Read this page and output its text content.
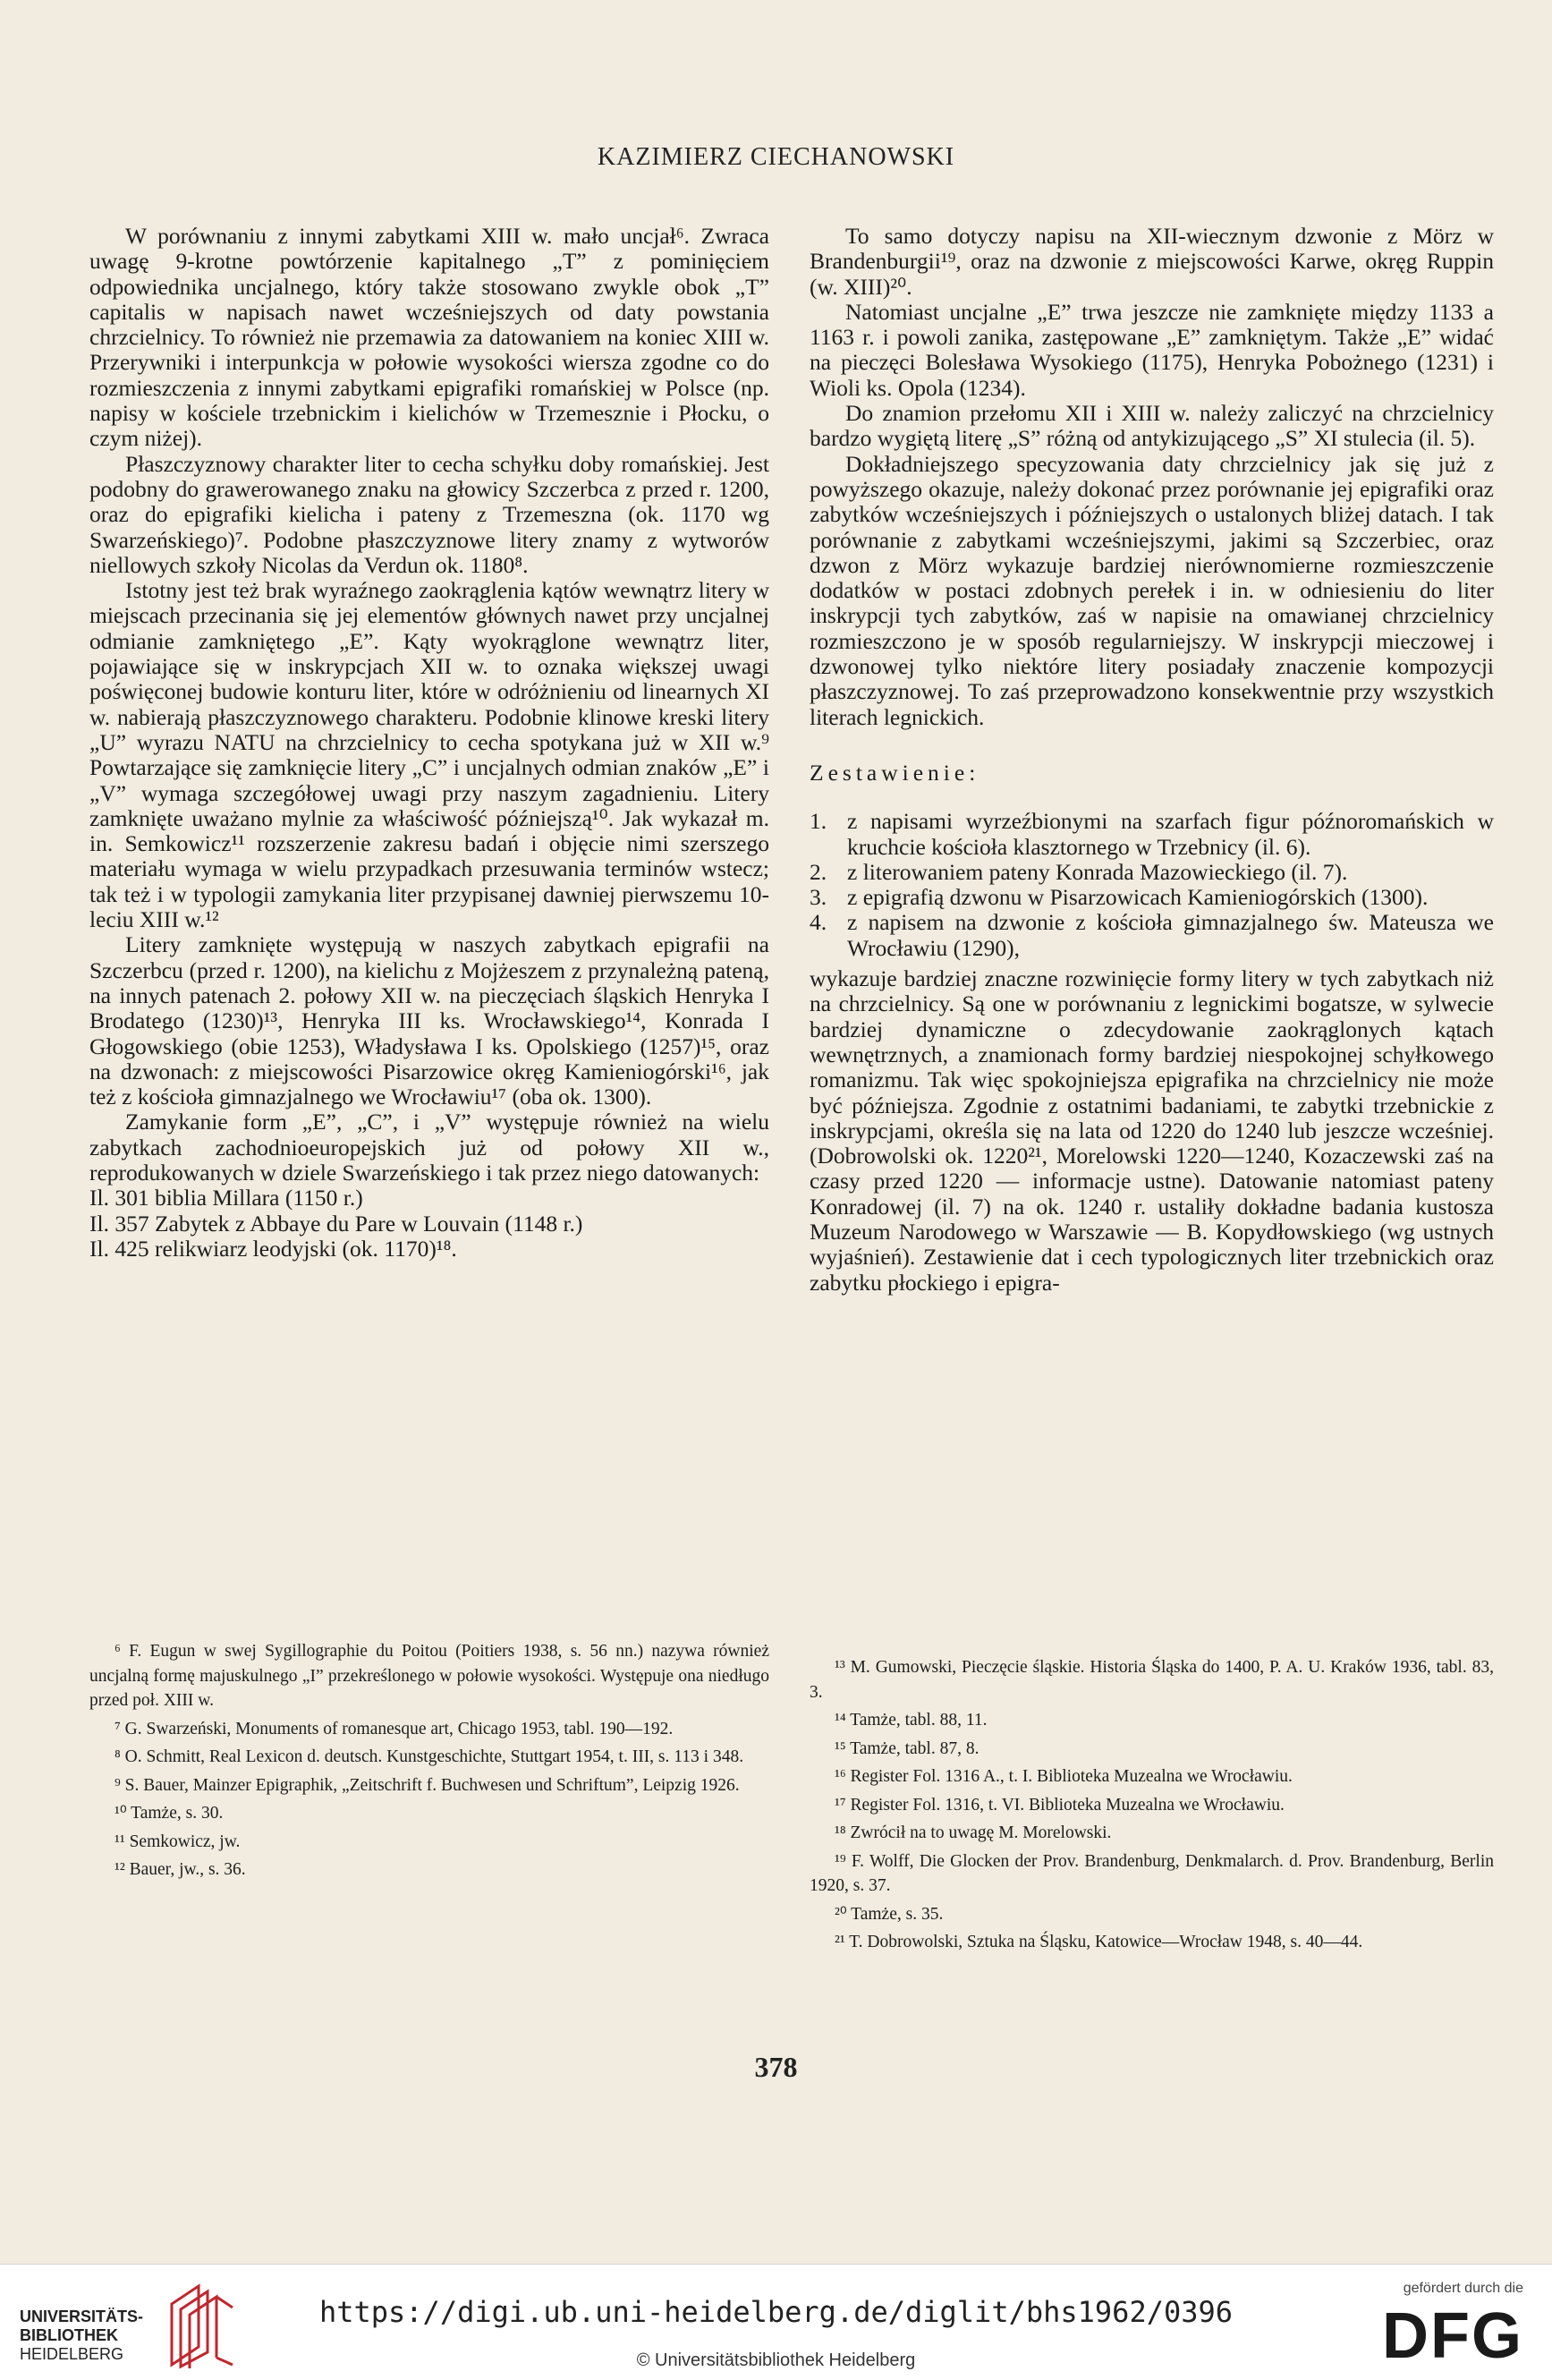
KAZIMIERZ CIECHANOWSKI

W porównaniu z innymi zabytkami XIII w. mało uncjał⁶. Zwraca uwagę 9-krotne powtórzenie kapitalnego „T” z pominięciem odpowiednika uncjalnego, który także stosowano zwykle obok „T” capitalis w napisach nawet wcześniejszych od daty powstania chrzcielnicy. To również nie przemawia za datowaniem na koniec XIII w. Przerywniki i interpunkcja w połowie wysokości wiersza zgodne co do rozmieszczenia z innymi zabytkami epigrafiki romańskiej w Polsce (np. napisy w kościele trzebnickim i kielichów w Trzemesznie i Płocku, o czym niżej).

Płaszczyznowy charakter liter to cecha schyłku doby romańskiej. Jest podobny do grawerowanego znaku na głowicy Szczerbca z przed r. 1200, oraz do epigrafiki kielicha i pateny z Trzemeszna (ok. 1170 wg Swarzeńskiego)⁷. Podobne płaszczyznowe litery znamy z wytworów niellowych szkoły Nicolas da Verdun ok. 1180⁸.

Istotny jest też brak wyraźnego zaokrąglenia kątów wewnątrz litery w miejscach przecinania się jej elementów głównych nawet przy uncjalnej odmianie zamkniętego „E”. Kąty wyokrąglone wewnątrz liter, pojawiające się w inskrypcjach XII w. to oznaka większej uwagi poświęconej budowie konturu liter, które w odróżnieniu od linearnych XI w. nabierają płaszczyznowego charakteru. Podobnie klinowe kreski litery „U” wyrazu NATU na chrzcielnicy to cecha spotykana już w XII w.⁹ Powtarzające się zamknięcie litery „C” i uncjalnych odmian znaków „E” i „V” wymaga szczegółowej uwagi przy naszym zagadnieniu. Litery zamknięte uważano mylnie za właściwość późniejszą¹⁰. Jak wykazał m. in. Semkowicz¹¹ rozszerzenie zakresu badań i objęcie nimi szerszego materiału wymaga w wielu przypadkach przesuwania terminów wstecz; tak też i w typologii zamykania liter przypisanej dawniej pierwszemu 10-leciu XIII w.¹²

Litery zamknięte występują w naszych zabytkach epigrafii na Szczerbcu (przed r. 1200), na kielichu z Mojżeszem z przynależną pateną, na innych patenach 2. połowy XII w. na pieczęciach śląskich Henryka I Brodatego (1230)¹³, Henryka III ks. Wrocławskiego¹⁴, Konrada I Głogowskiego (obie 1253), Władysława I ks. Opolskiego (1257)¹⁵, oraz na dzwonach: z miejscowości Pisarzowice okręg Kamieniogórski¹⁶, jak też z kościoła gimnazjalnego we Wrocławiu¹⁷ (oba ok. 1300).

Zamykanie form „E”, „C”, i „V” występuje również na wielu zabytkach zachodnioeuropejskich już od połowy XII w., reprodukowanych w dziele Swarzeńskiego i tak przez niego datowanych:

Il. 301 biblia Millara (1150 r.)

Il. 357 Zabytek z Abbaye du Pare w Louvain (1148 r.)

Il. 425 relikwiarz leodyjski (ok. 1170)¹⁸.

To samo dotyczy napisu na XII-wiecznym dzwonie z Mörz w Brandenburgii¹⁹, oraz na dzwonie z miejscowości Karwe, okręg Ruppin (w. XIII)²⁰.

Natomiast uncjalne „E” trwa jeszcze nie zamknięte między 1133 a 1163 r. i powoli zanika, zastępowane „E” zamkniętym. Także „E” widać na pieczęci Bolesława Wysokiego (1175), Henryka Pobożnego (1231) i Wioli ks. Opola (1234).

Do znamion przełomu XII i XIII w. należy zaliczyć na chrzcielnicy bardzo wygiętą literę „S” różną od antykizującego „S” XI stulecia (il. 5).

Dokładniejszego specyzowania daty chrzcielnicy jak się już z powyższego okazuje, należy dokonać przez porównanie jej epigrafiki oraz zabytków wcześniejszych i późniejszych o ustalonych bliżej datach. I tak porównanie z zabytkami wcześniejszymi, jakimi są Szczerbiec, oraz dzwon z Mörz wykazuje bardziej nierównomierne rozmieszczenie dodatków w postaci zdobnych perełek i in. w odniesieniu do liter inskrypcji tych zabytków, zaś w napisie na omawianej chrzcielnicy rozmieszczono je w sposób regularniejszy. W inskrypcji mieczowej i dzwonowej tylko niektóre litery posiadały znaczenie kompozycji płaszczyznowej. To zaś przeprowadzono konsekwentnie przy wszystkich literach legnickich.

Zestawienie:

1. z napisami wyrzeźbionymi na szarfach figur późnoromańskich w kruchcie kościoła klasztornego w Trzebnicy (il. 6).
2. z literowaniem pateny Konrada Mazowieckiego (il. 7).
3. z epigrafią dzwonu w Pisarzowicach Kamieniogórskich (1300).
4. z napisem na dzwonie z kościoła gimnazjalnego św. Mateusza we Wrocławiu (1290),

wykazuje bardziej znaczne rozwinięcie formy litery w tych zabytkach niż na chrzcielnicy. Są one w porównaniu z legnickimi bogatsze, w sylwecie bardziej dynamiczne o zdecydowanie zaokrąglonych kątach wewnętrznych, a znamionach formy bardziej niespokojnej schyłkowego romanizmu. Tak więc spokojniejsza epigrafika na chrzcielnicy nie może być późniejsza. Zgodnie z ostatnimi badaniami, te zabytki trzebnickie z inskrypcjami, określa się na lata od 1220 do 1240 lub jeszcze wcześniej. (Dobrowolski ok. 1220²¹, Morelowski 1220—1240, Kozaczewski zaś na czasy przed 1220 — informacje ustne). Datowanie natomiast pateny Konradowej (il. 7) na ok. 1240 r. ustaliły dokładne badania kustosza Muzeum Narodowego w Warszawie — B. Kopydłowskiego (wg ustnych wyjaśnień). Zestawienie dat i cech typologicznych liter trzebnickich oraz zabytku płockiego i epigra-

⁶ F. Eugun w swej Sygillographie du Poitou (Poitiers 1938, s. 56 nn.) nazywa również uncjalną formę majuskulnego „I” przekreślonego w połowie wysokości. Występuje ona niedługo przed poł. XIII w.

⁷ G. Swarzeński, Monuments of romanesque art, Chicago 1953, tabl. 190—192.

⁸ O. Schmitt, Real Lexicon d. deutsch. Kunstgeschichte, Stuttgart 1954, t. III, s. 113 i 348.

⁹ S. Bauer, Mainzer Epigraphik, „Zeitschrift f. Buchwesen und Schriftum”, Leipzig 1926.

¹⁰ Tamże, s. 30.

¹¹ Semkowicz, jw.

¹² Bauer, jw., s. 36.

¹³ M. Gumowski, Pieczęcie śląskie. Historia Śląska do 1400, P. A. U. Kraków 1936, tabl. 83, 3.

¹⁴ Tamże, tabl. 88, 11.

¹⁵ Tamże, tabl. 87, 8.

¹⁶ Register Fol. 1316 A., t. I. Biblioteka Muzealna we Wrocławiu.

¹⁷ Register Fol. 1316, t. VI. Biblioteka Muzealna we Wrocławiu.

¹⁸ Zwrócił na to uwagę M. Morelowski.

¹⁹ F. Wolff, Die Glocken der Prov. Brandenburg, Denkmalarch. d. Prov. Brandenburg, Berlin 1920, s. 37.

²⁰ Tamże, s. 35.

²¹ T. Dobrowolski, Sztuka na Śląsku, Katowice—Wrocław 1948, s. 40—44.

378
UNIVERSITÄTS-
BIBLIOTHEK
HEIDELBERG
https://digi.ub.uni-heidelberg.de/diglit/bhs1962/0396
© Universitätsbibliothek Heidelberg
gefördert durch die
DFG
